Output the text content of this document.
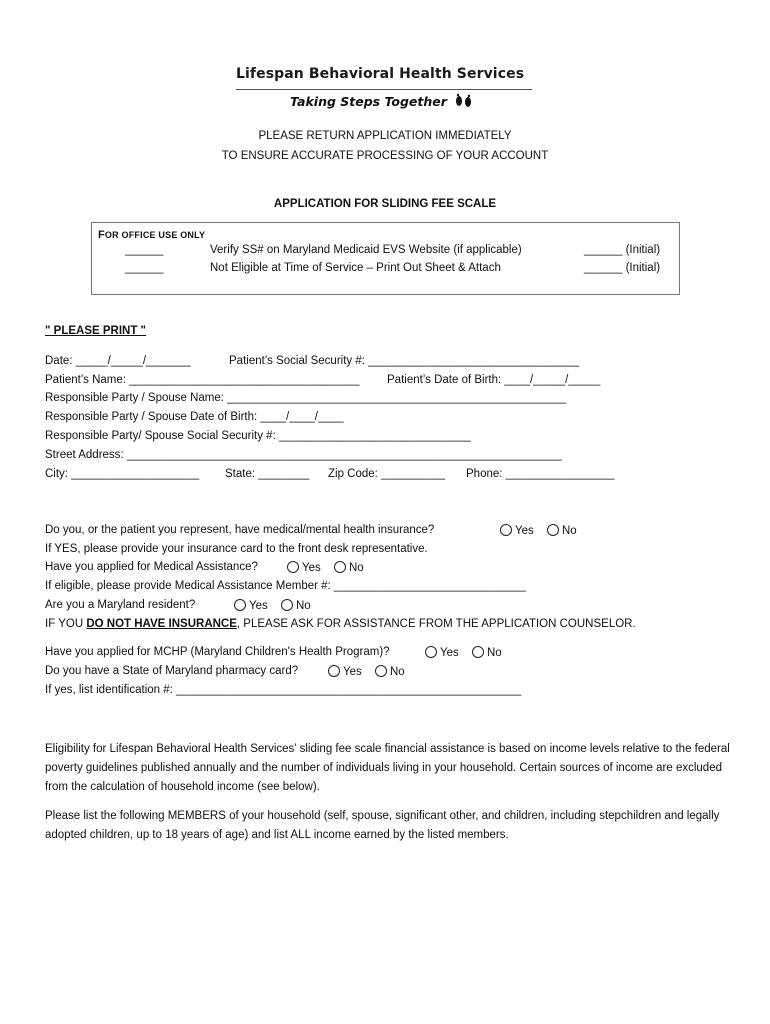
Lifespan Behavioral Health Services
Taking Steps Together
PLEASE RETURN APPLICATION IMMEDIATELY
TO ENSURE ACCURATE PROCESSING OF YOUR ACCOUNT
APPLICATION FOR SLIDING FEE SCALE
FOR OFFICE USE ONLY
______	Verify SS# on Maryland Medicaid EVS Website (if applicable)	______ (Initial)
______	Not Eligible at Time of Service – Print Out Sheet & Attach	______ (Initial)
" PLEASE PRINT "
Date: _____/_____/_______	Patient’s Social Security #: _________________________________
Patient’s Name: ____________________________________ Patient’s Date of Birth: ____/_____/_____
Responsible Party / Spouse Name: _____________________________________________________
Responsible Party / Spouse Date of Birth: ____/____/____
Responsible Party/ Spouse Social Security #: ______________________________
Street Address: ____________________________________________________________________
City: ____________________ State: ________ Zip Code: __________ Phone: _________________
Do you, or the patient you represent, have medical/mental health insurance?	Yes No
If YES, please provide your insurance card to the front desk representative.
Have you applied for Medical Assistance?	Yes No
If eligible, please provide Medical Assistance Member #: ______________________________
Are you a Maryland resident?	Yes No
IF YOU DO NOT HAVE INSURANCE, PLEASE ASK FOR ASSISTANCE FROM THE APPLICATION COUNSELOR.
Have you applied for MCHP (Maryland Children's Health Program)?	Yes No
Do you have a State of Maryland pharmacy card?	Yes No
If yes, list identification #: ______________________________________________________
Eligibility for Lifespan Behavioral Health Services’ sliding fee scale financial assistance is based on income levels relative to the federal poverty guidelines published annually and the number of individuals living in your household. Certain sources of income are excluded from the calculation of household income (see below).
Please list the following MEMBERS of your household (self, spouse, significant other, and children, including stepchildren and legally adopted children, up to 18 years of age) and list ALL income earned by the listed members.
